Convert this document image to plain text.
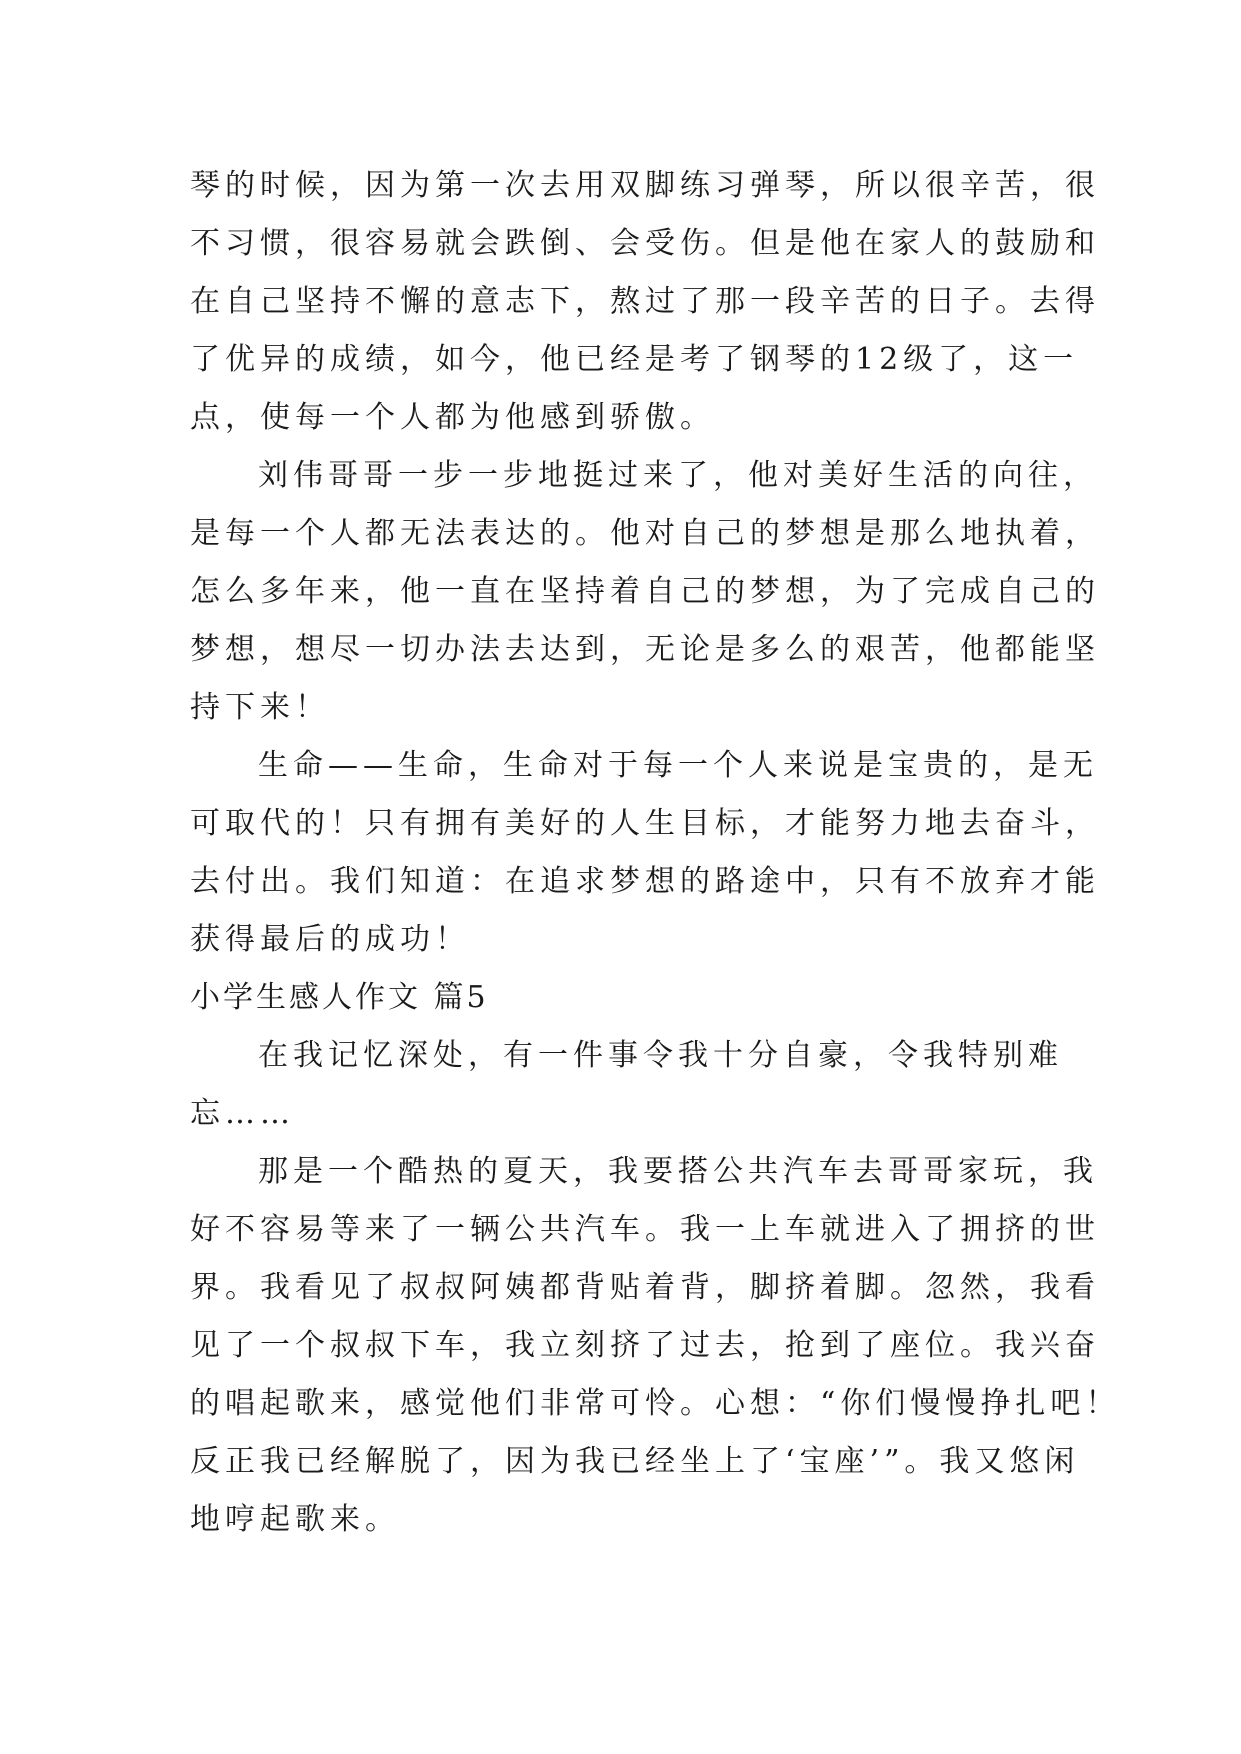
琴的时候，因为第一次去用双脚练习弹琴，所以很辛苦，很
不习惯，很容易就会跌倒、会受伤。但是他在家人的鼓励和
在自己坚持不懈的意志下，熬过了那一段辛苦的日子。去得
了优异的成绩，如今，他已经是考了钢琴的12级了，这一
点，使每一个人都为他感到骄傲。
刘伟哥哥一步一步地挺过来了，他对美好生活的向往，
是每一个人都无法表达的。他对自己的梦想是那么地执着，
怎么多年来，他一直在坚持着自己的梦想，为了完成自己的
梦想，想尽一切办法去达到，无论是多么的艰苦，他都能坚
持下来！
生命——生命，生命对于每一个人来说是宝贵的，是无
可取代的！只有拥有美好的人生目标，才能努力地去奋斗，
去付出。我们知道：在追求梦想的路途中，只有不放弃才能
获得最后的成功！
小学生感人作文 篇5
在我记忆深处，有一件事令我十分自豪，令我特别难
忘……
那是一个酷热的夏天，我要搭公共汽车去哥哥家玩，我
好不容易等来了一辆公共汽车。我一上车就进入了拥挤的世
界。我看见了叔叔阿姨都背贴着背，脚挤着脚。忽然，我看
见了一个叔叔下车，我立刻挤了过去，抢到了座位。我兴奋
的唱起歌来，感觉他们非常可怜。心想：“你们慢慢挣扎吧！
反正我已经解脱了，因为我已经坐上了‘宝座’”。我又悠闲
地哼起歌来。
